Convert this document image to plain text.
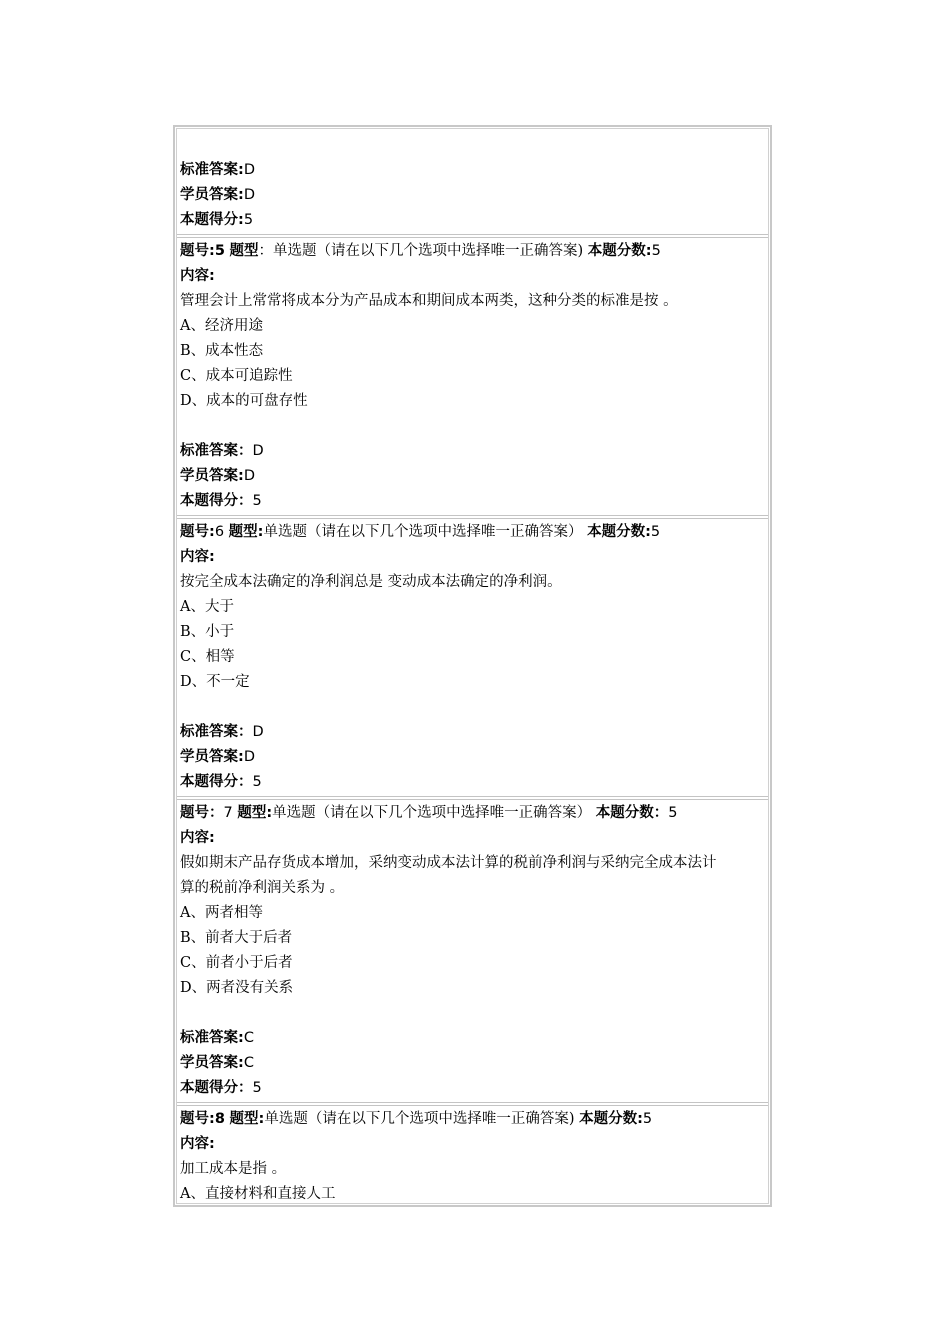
标准答案:D
学员答案:D
本题得分:5
题号:5 题型：单选题（请在以下几个选项中选择唯一正确答案) 本题分数:5
内容:
管理会计上常常将成本分为产品成本和期间成本两类，这种分类的标准是按 。
A、经济用途
B、成本性态
C、成本可追踪性
D、成本的可盘存性
标准答案：D
学员答案:D
本题得分：5
题号:6 题型:单选题（请在以下几个选项中选择唯一正确答案） 本题分数:5
内容:
按完全成本法确定的净利润总是 变动成本法确定的净利润。
A、大于
B、小于
C、相等
D、不一定
标准答案：D
学员答案:D
本题得分：5
题号：7 题型:单选题（请在以下几个选项中选择唯一正确答案） 本题分数：5
内容:
假如期末产品存货成本增加，采纳变动成本法计算的税前净利润与采纳完全成本法计
算的税前净利润关系为 。
A、两者相等
B、前者大于后者
C、前者小于后者
D、两者没有关系
标准答案:C
学员答案:C
本题得分：5
题号:8 题型:单选题（请在以下几个选项中选择唯一正确答案) 本题分数:5
内容:
加工成本是指 。
A、直接材料和直接人工
